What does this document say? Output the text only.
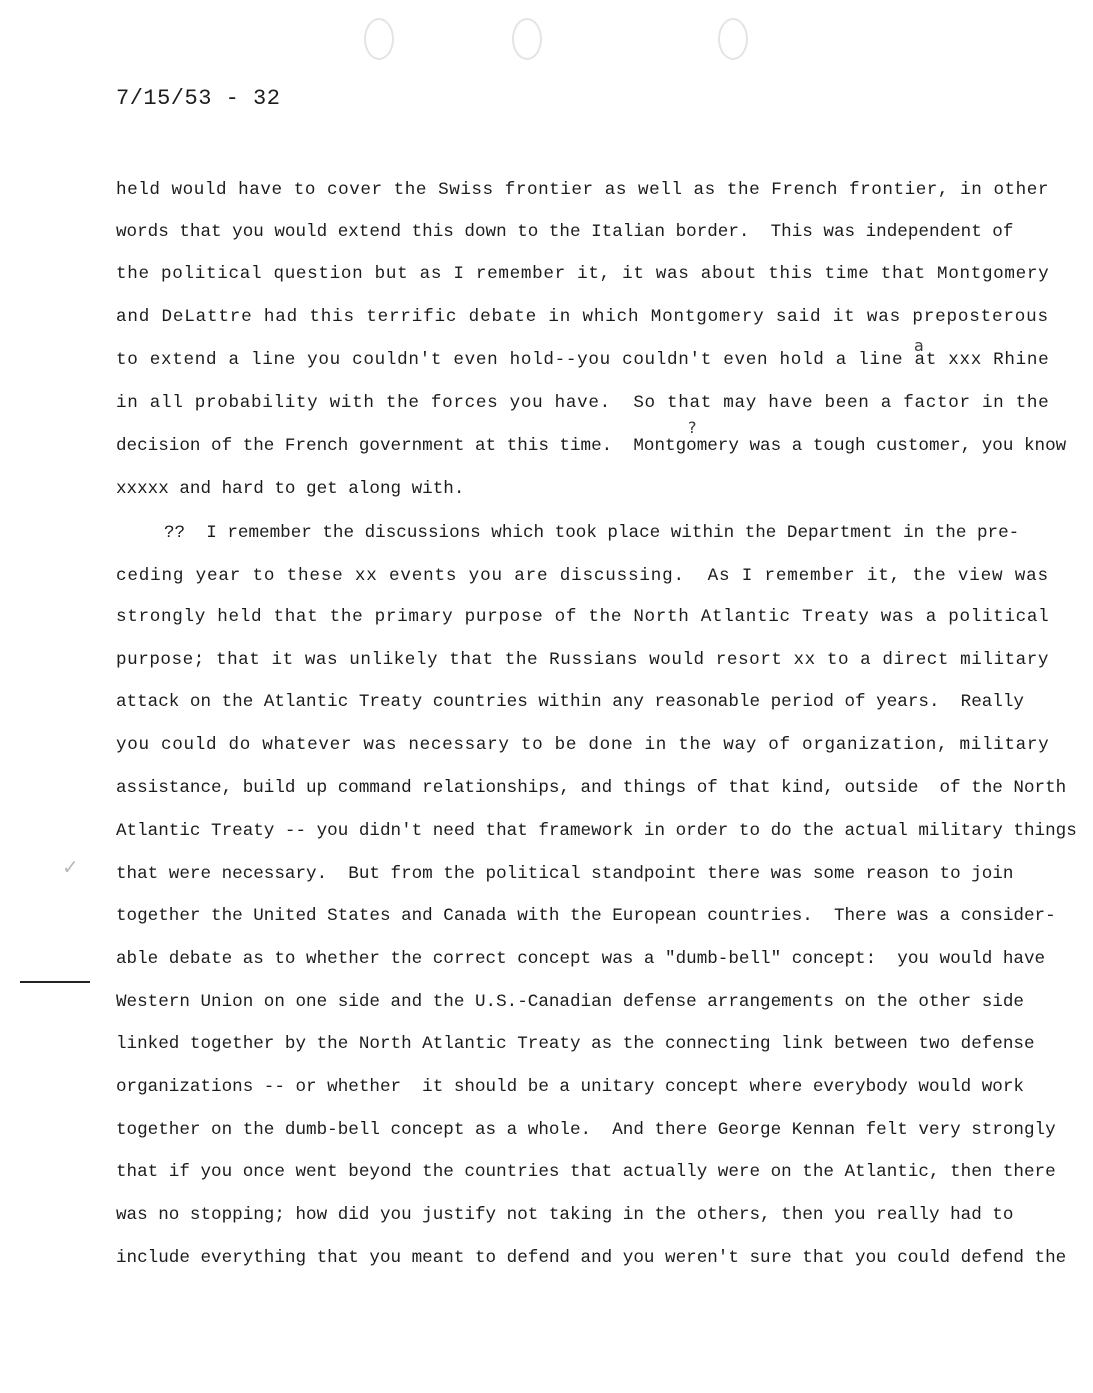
7/15/53 - 32
a
?
✓
held would have to cover the Swiss frontier as well as the French frontier, in other
words that you would extend this down to the Italian border.  This was independent of
the political question but as I remember it, it was about this time that Montgomery
and DeLattre had this terrific debate in which Montgomery said it was preposterous
to extend a line you couldn't even hold--you couldn't even hold a line at xxx Rhine
in all probability with the forces you have.  So that may have been a factor in the
decision of the French government at this time.  Montgomery was a tough customer, you know
xxxxx and hard to get along with.
??  I remember the discussions which took place within the Department in the pre-
ceding year to these xx events you are discussing.  As I remember it, the view was
strongly held that the primary purpose of the North Atlantic Treaty was a political
purpose; that it was unlikely that the Russians would resort xx to a direct military
attack on the Atlantic Treaty countries within any reasonable period of years.  Really
you could do whatever was necessary to be done in the way of organization, military
assistance, build up command relationships, and things of that kind, outside  of the North
Atlantic Treaty -- you didn't need that framework in order to do the actual military things
that were necessary.  But from the political standpoint there was some reason to join
together the United States and Canada with the European countries.  There was a consider-
able debate as to whether the correct concept was a "dumb-bell" concept:  you would have
Western Union on one side and the U.S.-Canadian defense arrangements on the other side
linked together by the North Atlantic Treaty as the connecting link between two defense
organizations -- or whether  it should be a unitary concept where everybody would work
together on the dumb-bell concept as a whole.  And there George Kennan felt very strongly
that if you once went beyond the countries that actually were on the Atlantic, then there
was no stopping; how did you justify not taking in the others, then you really had to
include everything that you meant to defend and you weren't sure that you could defend the
